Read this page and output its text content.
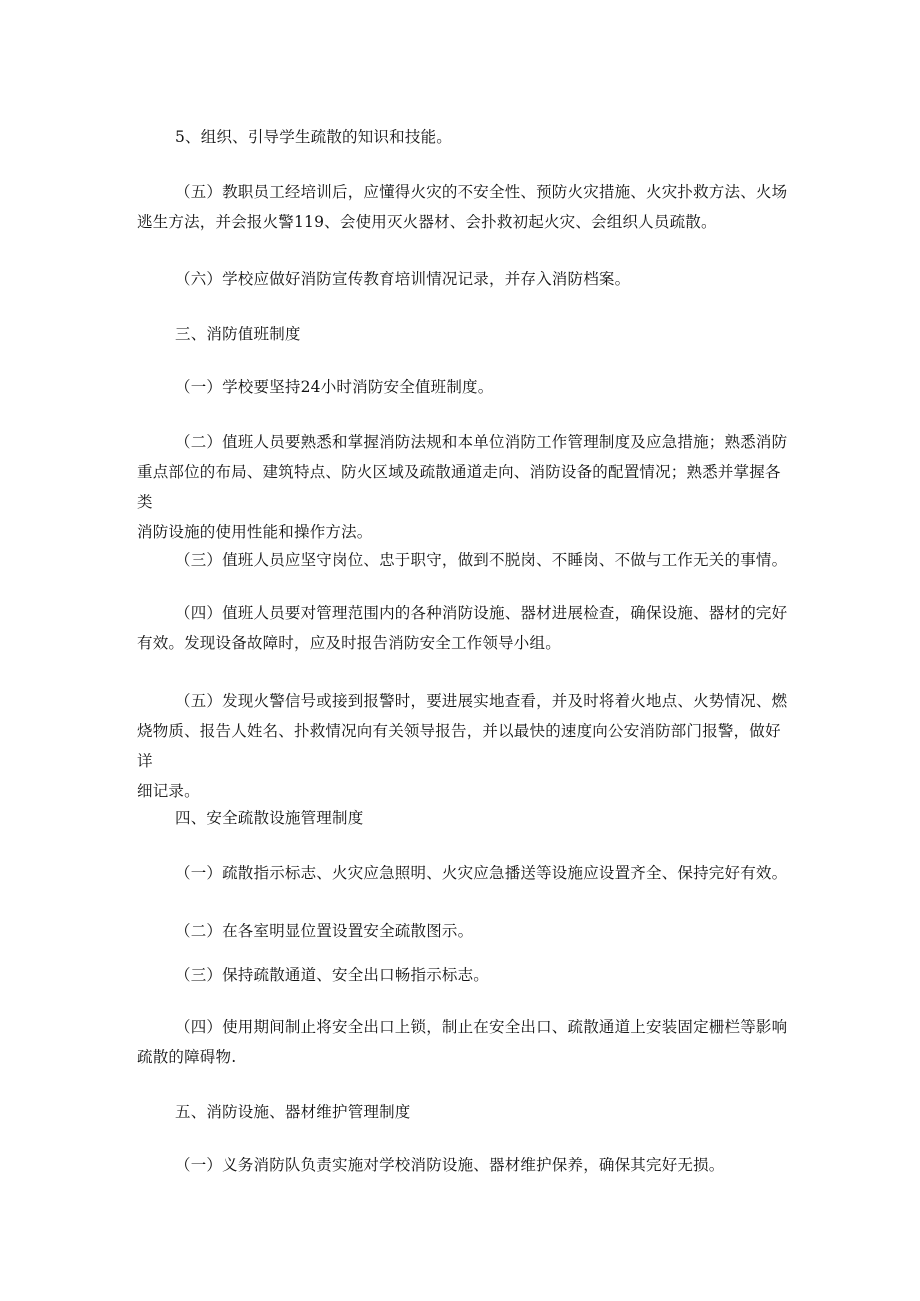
5、组织、引导学生疏散的知识和技能。

（五）教职员工经培训后，应懂得火灾的不安全性、预防火灾措施、火灾扑救方法、火场
逃生方法，并会报火警119、会使用灭火器材、会扑救初起火灾、会组织人员疏散。

（六）学校应做好消防宣传教育培训情况记录，并存入消防档案。

三、消防值班制度

（一）学校要坚持24小时消防安全值班制度。

（二）值班人员要熟悉和掌握消防法规和本单位消防工作管理制度及应急措施；熟悉消防
重点部位的布局、建筑特点、防火区域及疏散通道走向、消防设备的配置情况；熟悉并掌握各类
消防设施的使用性能和操作方法。

（三）值班人员应坚守岗位、忠于职守，做到不脱岗、不睡岗、不做与工作无关的事情。

（四）值班人员要对管理范围内的各种消防设施、器材进展检查，确保设施、器材的完好
有效。发现设备故障时，应及时报告消防安全工作领导小组。

（五）发现火警信号或接到报警时，要进展实地查看，并及时将着火地点、火势情况、燃
烧物质、报告人姓名、扑救情况向有关领导报告，并以最快的速度向公安消防部门报警，做好详
细记录。

四、安全疏散设施管理制度

（一）疏散指示标志、火灾应急照明、火灾应急播送等设施应设置齐全、保持完好有效。

（二）在各室明显位置设置安全疏散图示。

（三）保持疏散通道、安全出口畅指示标志。

（四）使用期间制止将安全出口上锁，制止在安全出口、疏散通道上安装固定栅栏等影响
疏散的障碍物.

五、消防设施、器材维护管理制度

（一）义务消防队负责实施对学校消防设施、器材维护保养，确保其完好无损。
